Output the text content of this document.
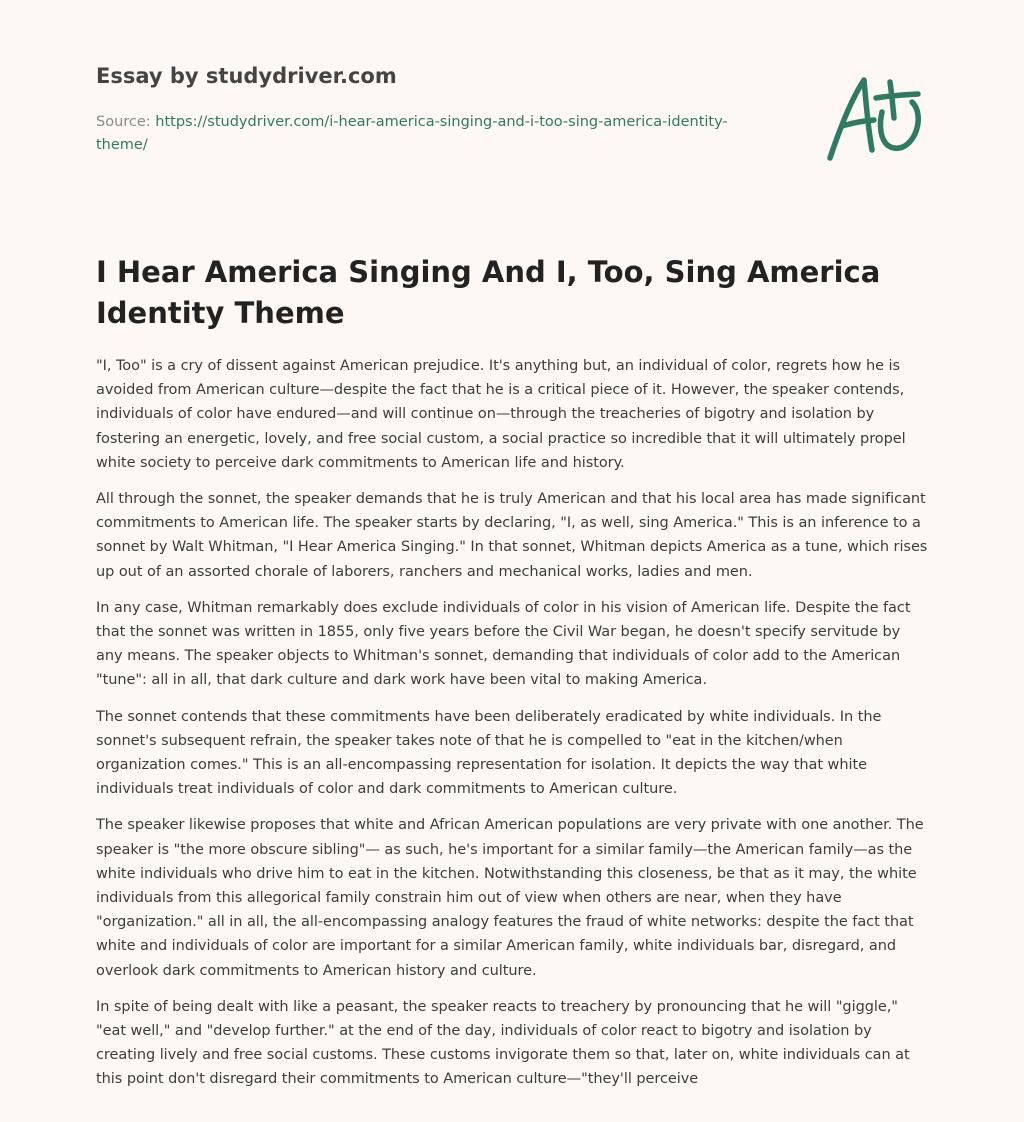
Essay by studydriver.com
Source: https://studydriver.com/i-hear-america-singing-and-i-too-sing-america-identity-theme/
I Hear America Singing And I, Too, Sing America Identity Theme

"I, Too" is a cry of dissent against American prejudice. It's anything but, an individual of color, regrets how he is avoided from American culture—despite the fact that he is a critical piece of it. However, the speaker contends, individuals of color have endured—and will continue on—through the treacheries of bigotry and isolation by fostering an energetic, lovely, and free social custom, a social practice so incredible that it will ultimately propel white society to perceive dark commitments to American life and history.

All through the sonnet, the speaker demands that he is truly American and that his local area has made significant commitments to American life. The speaker starts by declaring, "I, as well, sing America." This is an inference to a sonnet by Walt Whitman, "I Hear America Singing." In that sonnet, Whitman depicts America as a tune, which rises up out of an assorted chorale of laborers, ranchers and mechanical works, ladies and men.

In any case, Whitman remarkably does exclude individuals of color in his vision of American life. Despite the fact that the sonnet was written in 1855, only five years before the Civil War began, he doesn't specify servitude by any means. The speaker objects to Whitman's sonnet, demanding that individuals of color add to the American "tune": all in all, that dark culture and dark work have been vital to making America.

The sonnet contends that these commitments have been deliberately eradicated by white individuals. In the sonnet's subsequent refrain, the speaker takes note of that he is compelled to "eat in the kitchen/when organization comes." This is an all-encompassing representation for isolation. It depicts the way that white individuals treat individuals of color and dark commitments to American culture.

The speaker likewise proposes that white and African American populations are very private with one another. The speaker is "the more obscure sibling"— as such, he's important for a similar family—the American family—as the white individuals who drive him to eat in the kitchen. Notwithstanding this closeness, be that as it may, the white individuals from this allegorical family constrain him out of view when others are near, when they have "organization." all in all, the all-encompassing analogy features the fraud of white networks: despite the fact that white and individuals of color are important for a similar American family, white individuals bar, disregard, and overlook dark commitments to American history and culture.

In spite of being dealt with like a peasant, the speaker reacts to treachery by pronouncing that he will "giggle," "eat well," and "develop further." at the end of the day, individuals of color react to bigotry and isolation by creating lively and free social customs. These customs invigorate them so that, later on, white individuals can at this point don't disregard their commitments to American culture—"they'll perceive
